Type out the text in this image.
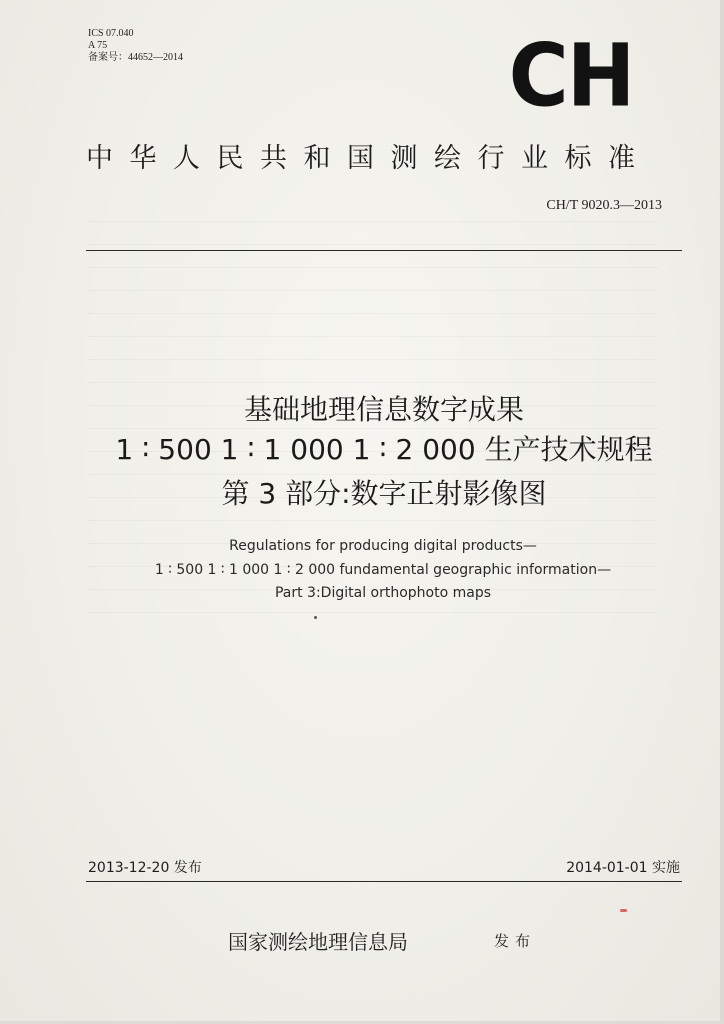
ICS 07.040
A 75
备案号：44652—2014	CH
中华人民共和国测绘行业标准
CH/T 9020.3—2013
基础地理信息数字成果
1 ∶ 500 1 ∶ 1 000 1 ∶ 2 000 生产技术规程
第 3 部分:数字正射影像图
Regulations for producing digital products—
1 ∶ 500 1 ∶ 1 000 1 ∶ 2 000 fundamental geographic information—
Part 3:Digital orthophoto maps
2013-12-20 发布	2014-01-01 实施
国家测绘地理信息局	发布
